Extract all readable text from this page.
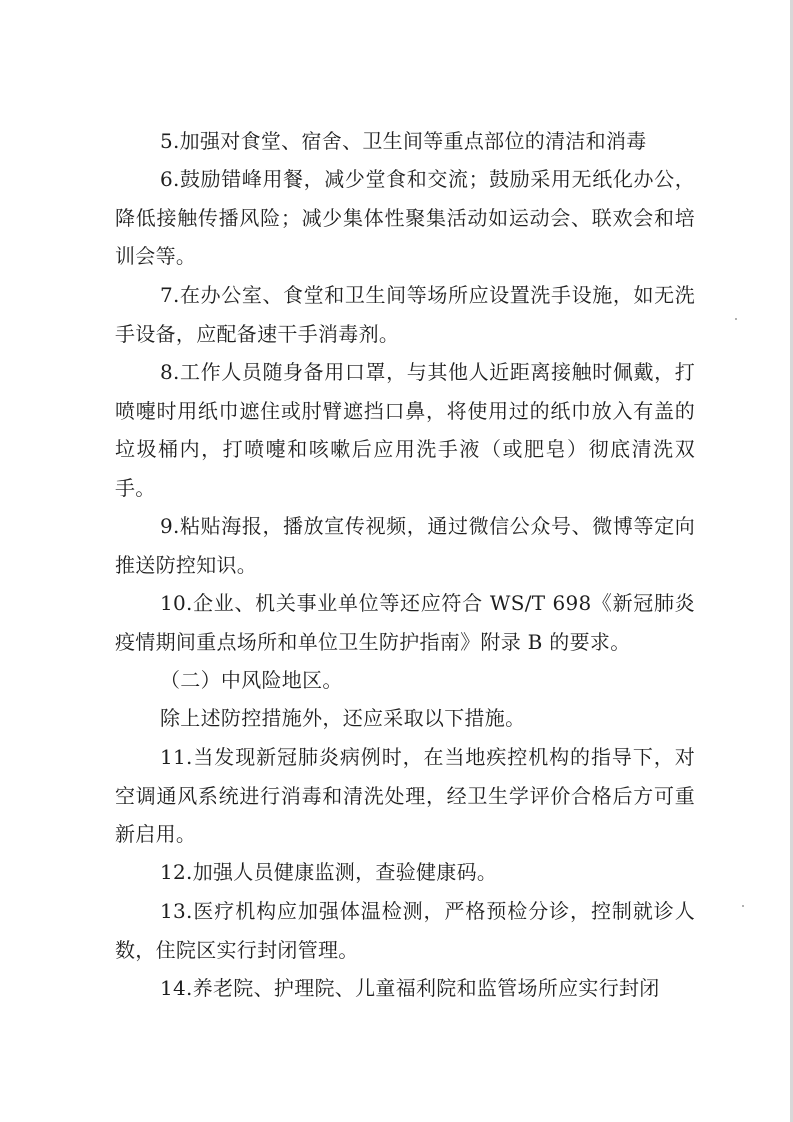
5.加强对食堂、宿舍、卫生间等重点部位的清洁和消毒

6.鼓励错峰用餐，减少堂食和交流；鼓励采用无纸化办公，降低接触传播风险；减少集体性聚集活动如运动会、联欢会和培训会等。

7.在办公室、食堂和卫生间等场所应设置洗手设施，如无洗手设备，应配备速干手消毒剂。

8.工作人员随身备用口罩，与其他人近距离接触时佩戴，打喷嚏时用纸巾遮住或肘臂遮挡口鼻，将使用过的纸巾放入有盖的垃圾桶内，打喷嚏和咳嗽后应用洗手液（或肥皂）彻底清洗双手。

9.粘贴海报，播放宣传视频，通过微信公众号、微博等定向推送防控知识。

10.企业、机关事业单位等还应符合 WS/T 698《新冠肺炎疫情期间重点场所和单位卫生防护指南》附录 B 的要求。

（二）中风险地区。

除上述防控措施外，还应采取以下措施。

11.当发现新冠肺炎病例时，在当地疾控机构的指导下，对空调通风系统进行消毒和清洗处理，经卫生学评价合格后方可重新启用。

12.加强人员健康监测，查验健康码。

13.医疗机构应加强体温检测，严格预检分诊，控制就诊人数，住院区实行封闭管理。

14.养老院、护理院、儿童福利院和监管场所应实行封闭
